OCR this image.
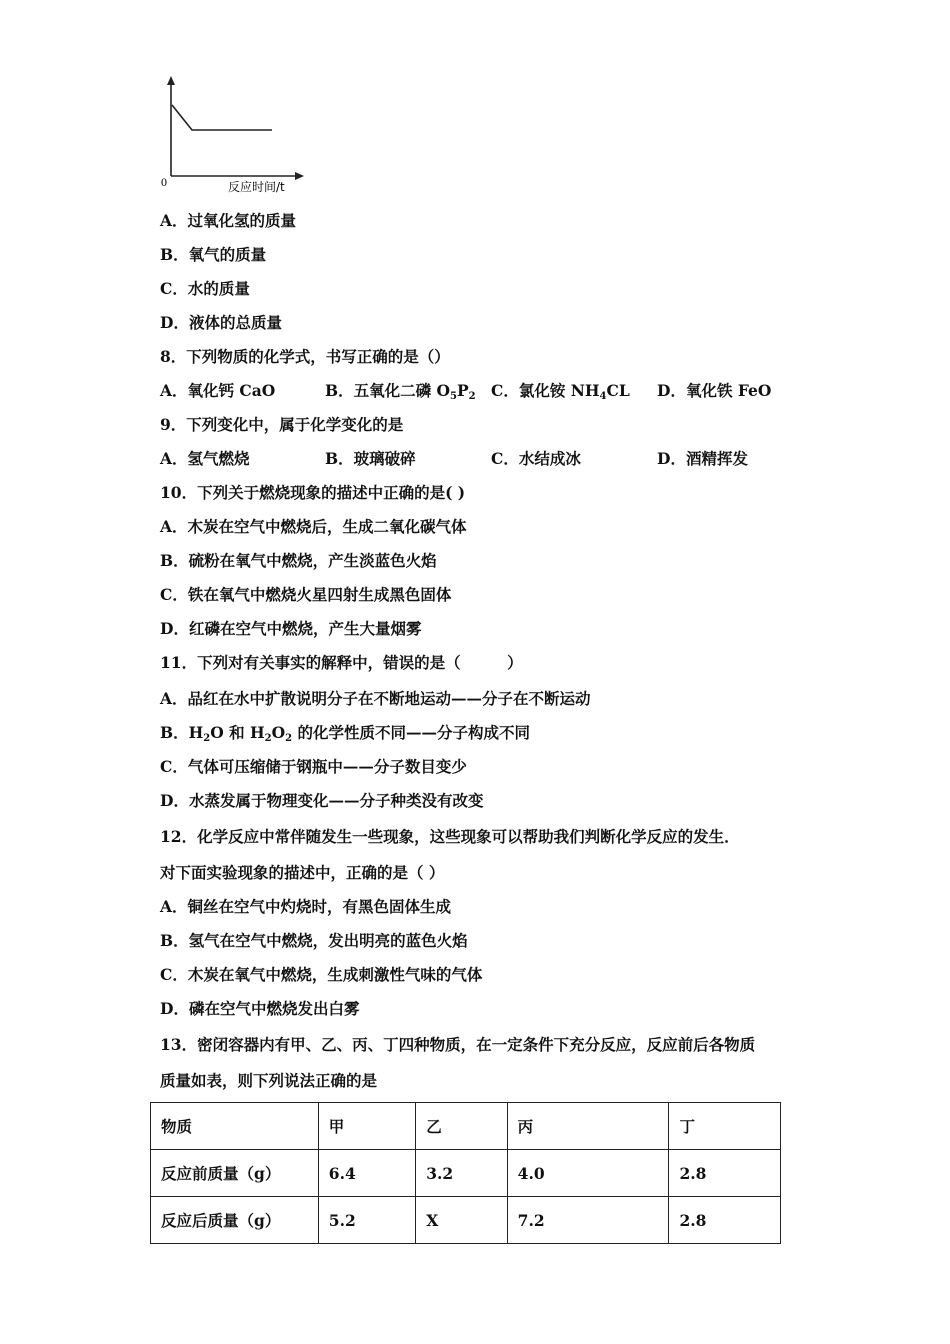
0	反应时间/t
A．过氧化氢的质量
B．氧气的质量
C．水的质量
D．液体的总质量
8．下列物质的化学式，书写正确的是（）
A．氧化钙 CaO	B．五氧化二磷 $O_5P_2$ C．氯化铵 $NH_4CL$ D．氧化铁 FeO
9．下列变化中，属于化学变化的是
A．氢气燃烧	B．玻璃破碎	C．水结成冰	D．酒精挥发
10．下列关于燃烧现象的描述中正确的是( )
A．木炭在空气中燃烧后，生成二氧化碳气体
B．硫粉在氧气中燃烧，产生淡蓝色火焰
C．铁在氧气中燃烧火星四射生成黑色固体
D．红磷在空气中燃烧，产生大量烟雾
11．下列对有关事实的解释中，错误的是（　　　）
A．品红在水中扩散说明分子在不断地运动——分子在不断运动
B．$H_2O$ 和 $H_2O_2$ 的化学性质不同——分子构成不同
C．气体可压缩储于钢瓶中——分子数目变少
D．水蒸发属于物理变化——分子种类没有改变
12．化学反应中常伴随发生一些现象，这些现象可以帮助我们判断化学反应的发生．
对下面实验现象的描述中，正确的是（ ）
A．铜丝在空气中灼烧时，有黑色固体生成
B．氢气在空气中燃烧，发出明亮的蓝色火焰
C．木炭在氧气中燃烧，生成刺激性气味的气体
D．磷在空气中燃烧发出白雾
13．密闭容器内有甲、乙、丙、丁四种物质，在一定条件下充分反应，反应前后各物质
质量如表，则下列说法正确的是
物质	甲	乙	丙	丁
反应前质量（g）	6.4	3.2	4.0	2.8
反应后质量（g）	5.2	X	7.2	2.8
